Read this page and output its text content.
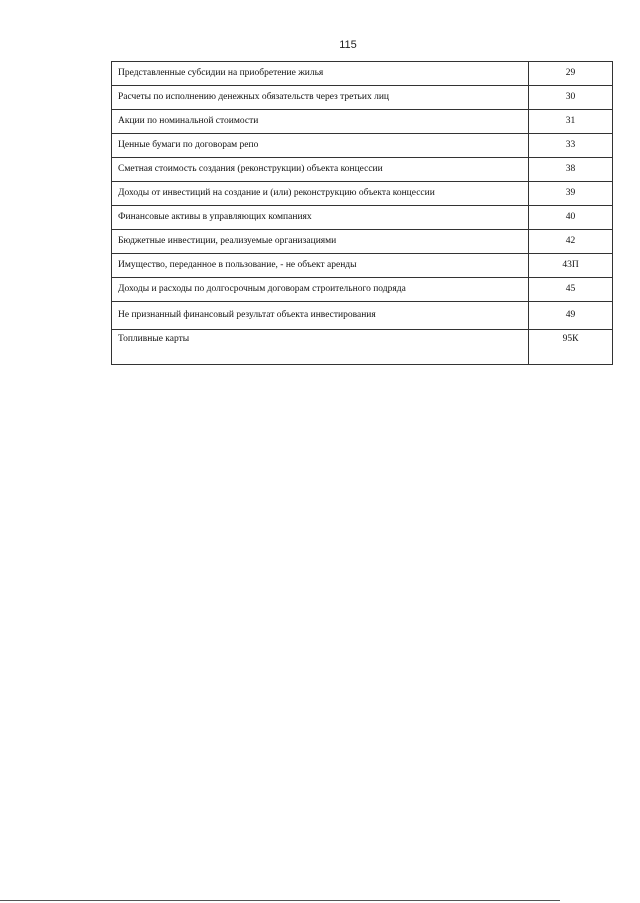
115
Представленные субсидии на приобретение жилья	29
Расчеты по исполнению денежных обязательств через третьих лиц	30
Акции по номинальной стоимости	31
Ценные бумаги по договорам репо	33
Сметная стоимость создания (реконструкции) объекта концессии	38
Доходы от инвестиций на создание и (или) реконструкцию объекта концессии	39
Финансовые активы в управляющих компаниях	40
Бюджетные инвестиции, реализуемые организациями	42
Имущество, переданное в пользование, - не объект аренды	43П
Доходы и расходы по долгосрочным договорам строительного подряда	45
Не признанный финансовый результат объекта инвестирования	49
Топливные карты	95К
